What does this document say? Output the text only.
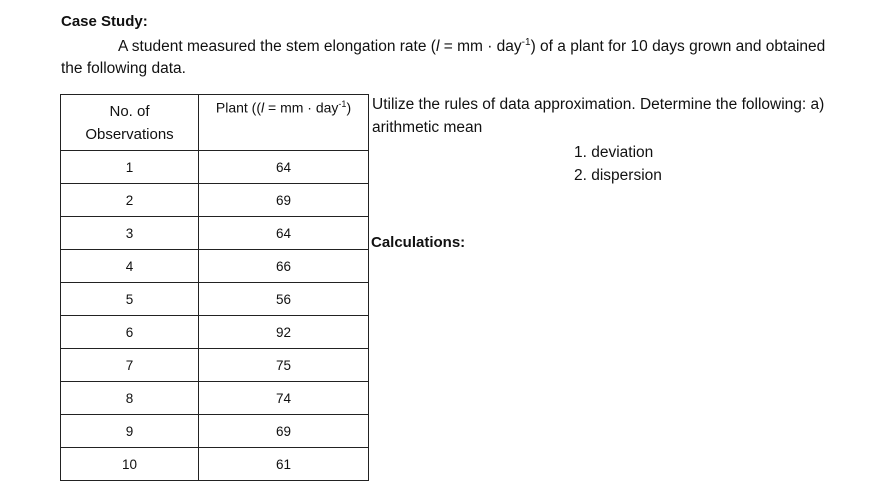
Case Study:
A student measured the stem elongation rate (l = mm · day$^{-1}$) of a plant for 10 days grown and obtained
the following data.
No. of
Observations	Plant ((l = mm · day$^{-1}$)
1	64
2	69
3	64
4	66
5	56
6	92
7	75
8	74
9	69
10	61
Utilize the rules of data approximation. Determine the following: a)
arithmetic mean
1. deviation
2. dispersion
Calculations:
